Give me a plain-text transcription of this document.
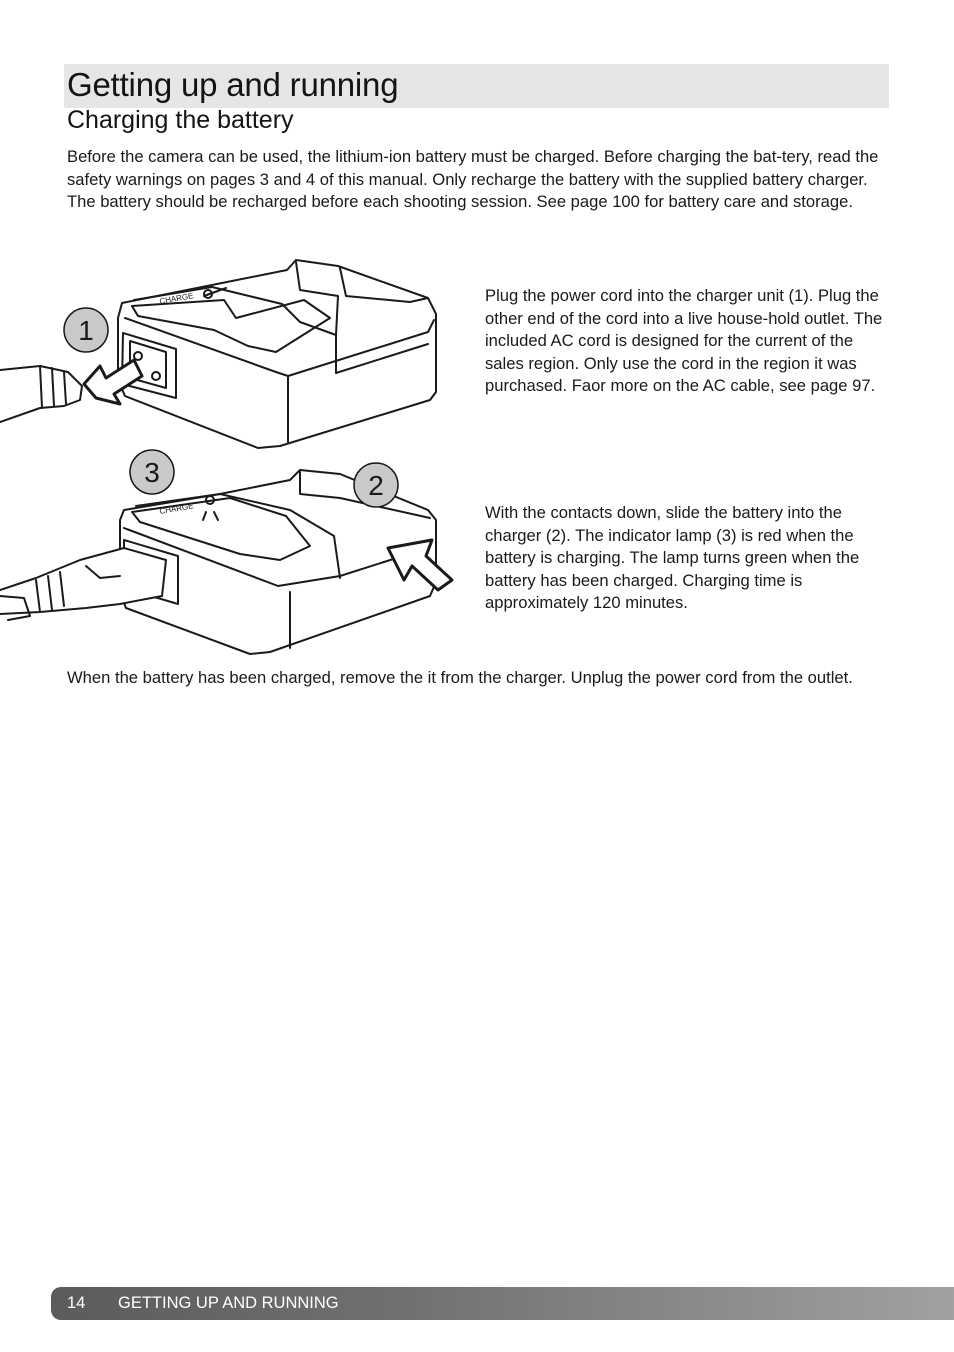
Getting up and running
Charging the battery

Before the camera can be used, the lithium-ion battery must be charged. Before charging the bat-tery, read the safety warnings on pages 3 and 4 of this manual. Only recharge the battery with the supplied battery charger. The battery should be recharged before each shooting session. See page 100 for battery care and storage.

CHARGE
CHARGE
1
3	2

Plug the power cord into the charger unit (1). Plug the other end of the cord into a live house-hold outlet. The included AC cord is designed for the current of the sales region. Only use the cord in the region it was purchased. Faor more on the AC cable, see page 97.

With the contacts down, slide the battery into the charger (2). The indicator lamp (3) is red when the battery is charging. The lamp turns green when the battery has been charged. Charging time is approximately 120 minutes.

When the battery has been charged, remove the it from the charger. Unplug the power cord from the outlet.

14 GETTING UP AND RUNNING
